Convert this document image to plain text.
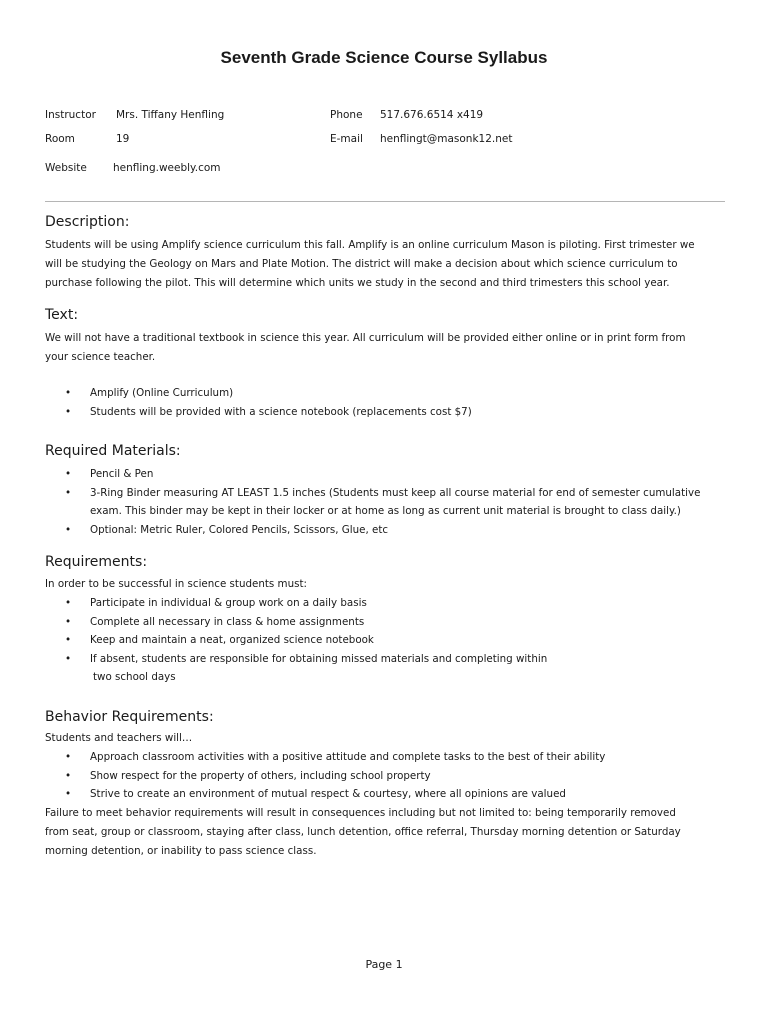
Seventh Grade Science Course Syllabus
Instructor Mrs. Tiffany Henfling
Room	19
Website henfling.weebly.com
Phone 517.676.6514 x419
E-mail henflingt@masonk12.net
Description:
Students will be using Amplify science curriculum this fall. Amplify is an online curriculum Mason is piloting. First trimester we
will be studying the Geology on Mars and Plate Motion. The district will make a decision about which science curriculum to
purchase following the pilot. This will determine which units we study in the second and third trimesters this school year.
Text:
We will not have a traditional textbook in science this year. All curriculum will be provided either online or in print form from
your science teacher.
• Amplify (Online Curriculum)
• Students will be provided with a science notebook (replacements cost $7)
Required Materials:
• Pencil & Pen
• 3-Ring Binder measuring AT LEAST 1.5 inches (Students must keep all course material for end of semester cumulative
exam. This binder may be kept in their locker or at home as long as current unit material is brought to class daily.)
• Optional: Metric Ruler, Colored Pencils, Scissors, Glue, etc
Requirements:
In order to be successful in science students must:
• Participate in individual & group work on a daily basis
• Complete all necessary in class & home assignments
• Keep and maintain a neat, organized science notebook
• If absent, students are responsible for obtaining missed materials and completing within
two school days
Behavior Requirements:
Students and teachers will…
• Approach classroom activities with a positive attitude and complete tasks to the best of their ability
• Show respect for the property of others, including school property
• Strive to create an environment of mutual respect & courtesy, where all opinions are valued
Failure to meet behavior requirements will result in consequences including but not limited to: being temporarily removed
from seat, group or classroom, staying after class, lunch detention, office referral, Thursday morning detention or Saturday
morning detention, or inability to pass science class.
Page 1
